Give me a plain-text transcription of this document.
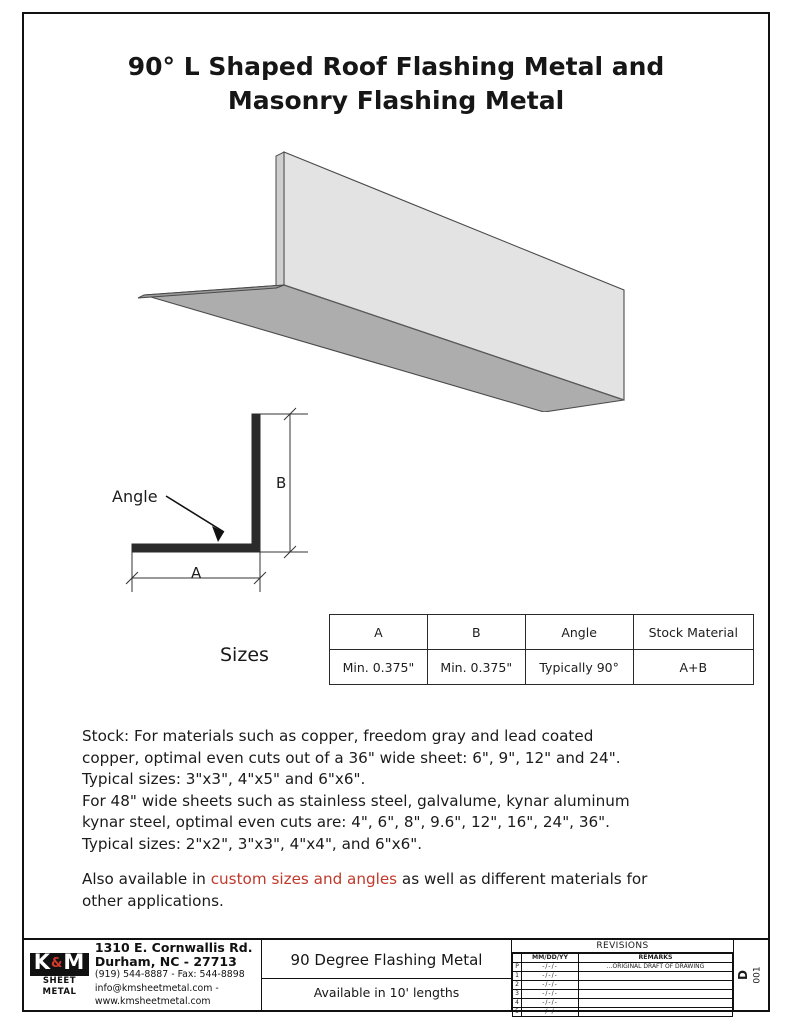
90° L Shaped Roof Flashing Metal and
Masonry Flashing Metal
Angle
B
A
Sizes
A	B	Angle	Stock Material
Min. 0.375"	Min. 0.375"	Typically 90°	A+B

Stock: For materials such as copper, freedom gray and lead coated

copper, optimal even cuts out of a 36" wide sheet: 6", 9", 12" and 24".

Typical sizes: 3"x3", 4"x5" and 6"x6".

For 48" wide sheets such as stainless steel, galvalume, kynar aluminum

kynar steel, optimal even cuts are: 4", 6", 8", 9.6", 12", 16", 24", 36".

Typical sizes: 2"x2", 3"x3", 4"x4", and 6"x6".

Also available in custom sizes and angles as well as different materials for

other applications.

K&M
SHEET METAL
1310 E. Cornwallis Rd.
Durham, NC - 27713
(919) 544-8887 - Fax: 544-8898
info@kmsheetmetal.com - www.kmsheetmetal.com
90 Degree Flashing Metal
Available in 10' lengths
REVISIONS
	MM/DD/YY	REMARKS
P	-/-/-	...ORIGINAL DRAFT OF DRAWING
1	-/-/-	
2	-/-/-	
3	-/-/-	
4	-/-/-	
5	-/-/-	
D 001
